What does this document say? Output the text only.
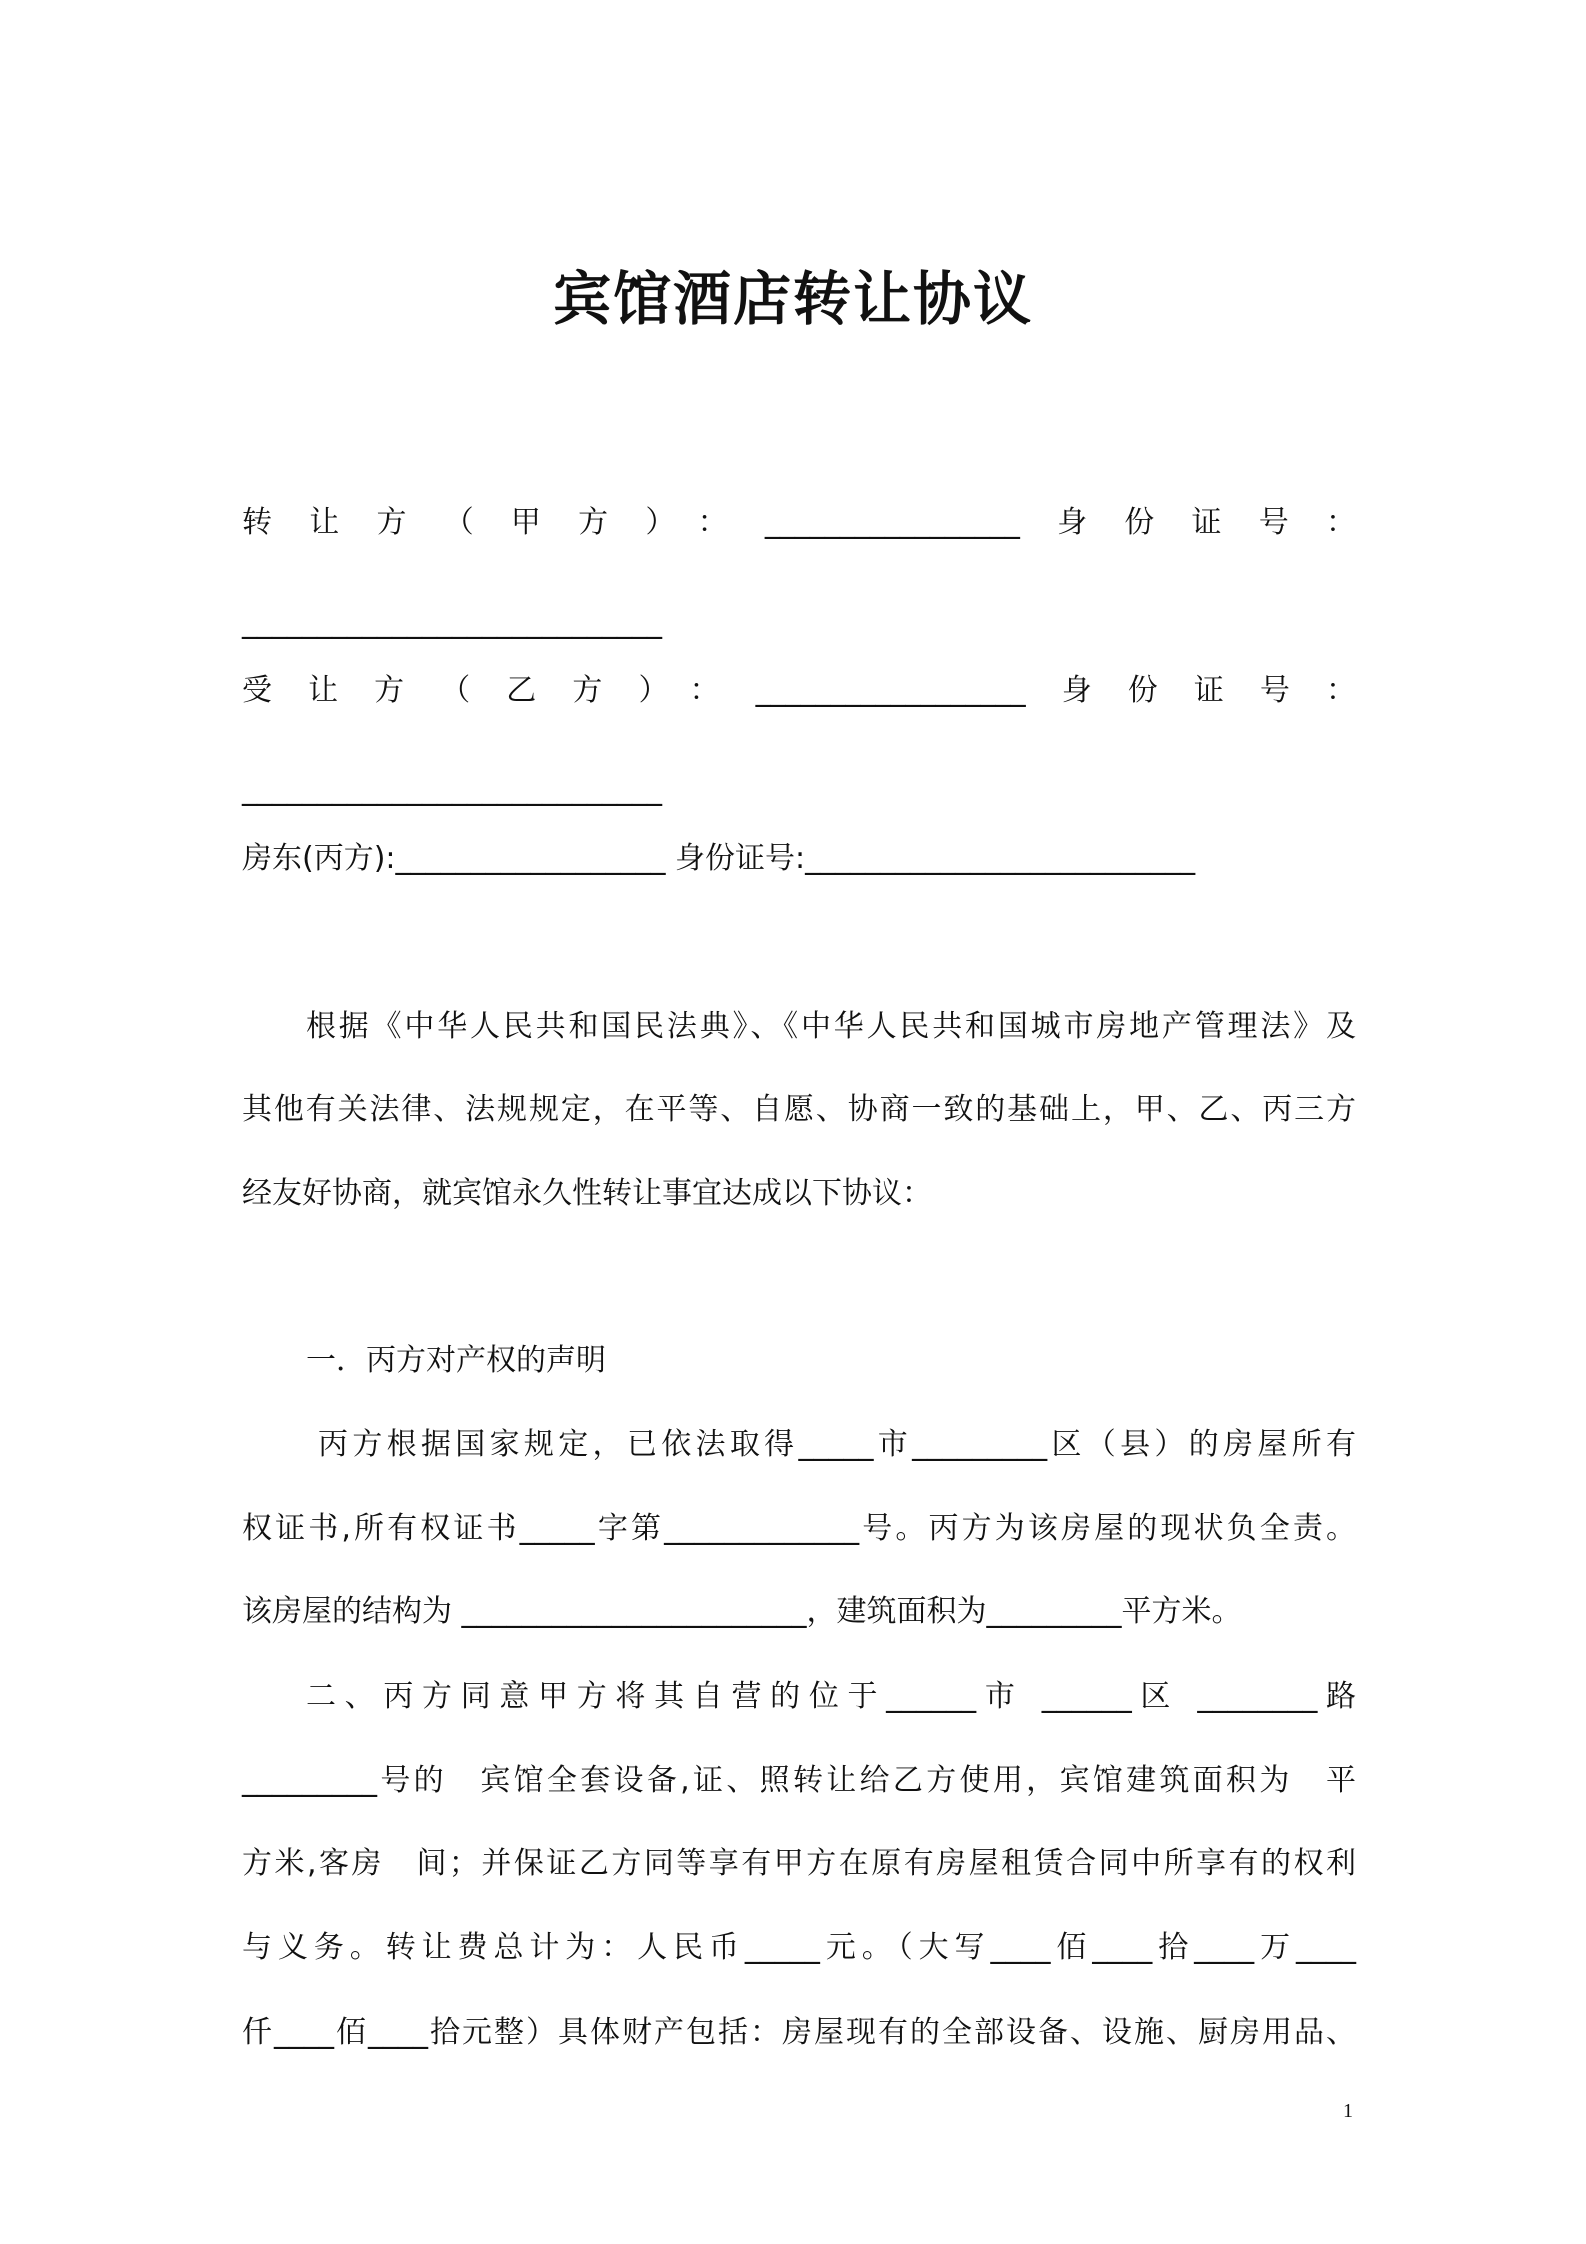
宾馆酒店转让协议
转让方（甲方）：_________________身份证号：
____________________________
受让方（乙方）：__________________身份证号：
____________________________
房东(丙方):__________________ 身份证号:__________________________
根据《中华人民共和国民法典》、《中华人民共和国城市房地产管理法》及
其他有关法律、法规规定，在平等、自愿、协商一致的基础上，甲、乙、丙三方
经友好协商，就宾馆永久性转让事宜达成以下协议：
一．丙方对产权的声明
丙方根据国家规定，已依法取得_____市_________区（县）的房屋所有
权证书,所有权证书_____字第_____________号。丙方为该房屋的现状负全责。
该房屋的结构为 _______________________，建筑面积为_________平方米。
二、丙方同意甲方将其自营的位于______市 ______区 ________路
_________号的　宾馆全套设备,证、照转让给乙方使用，宾馆建筑面积为　平
方米,客房　间；并保证乙方同等享有甲方在原有房屋租赁合同中所享有的权利
与义务。转让费总计为：人民币_____元。（大写____佰____拾____万____
仟____佰____拾元整）具体财产包括：房屋现有的全部设备、设施、厨房用品、
1
